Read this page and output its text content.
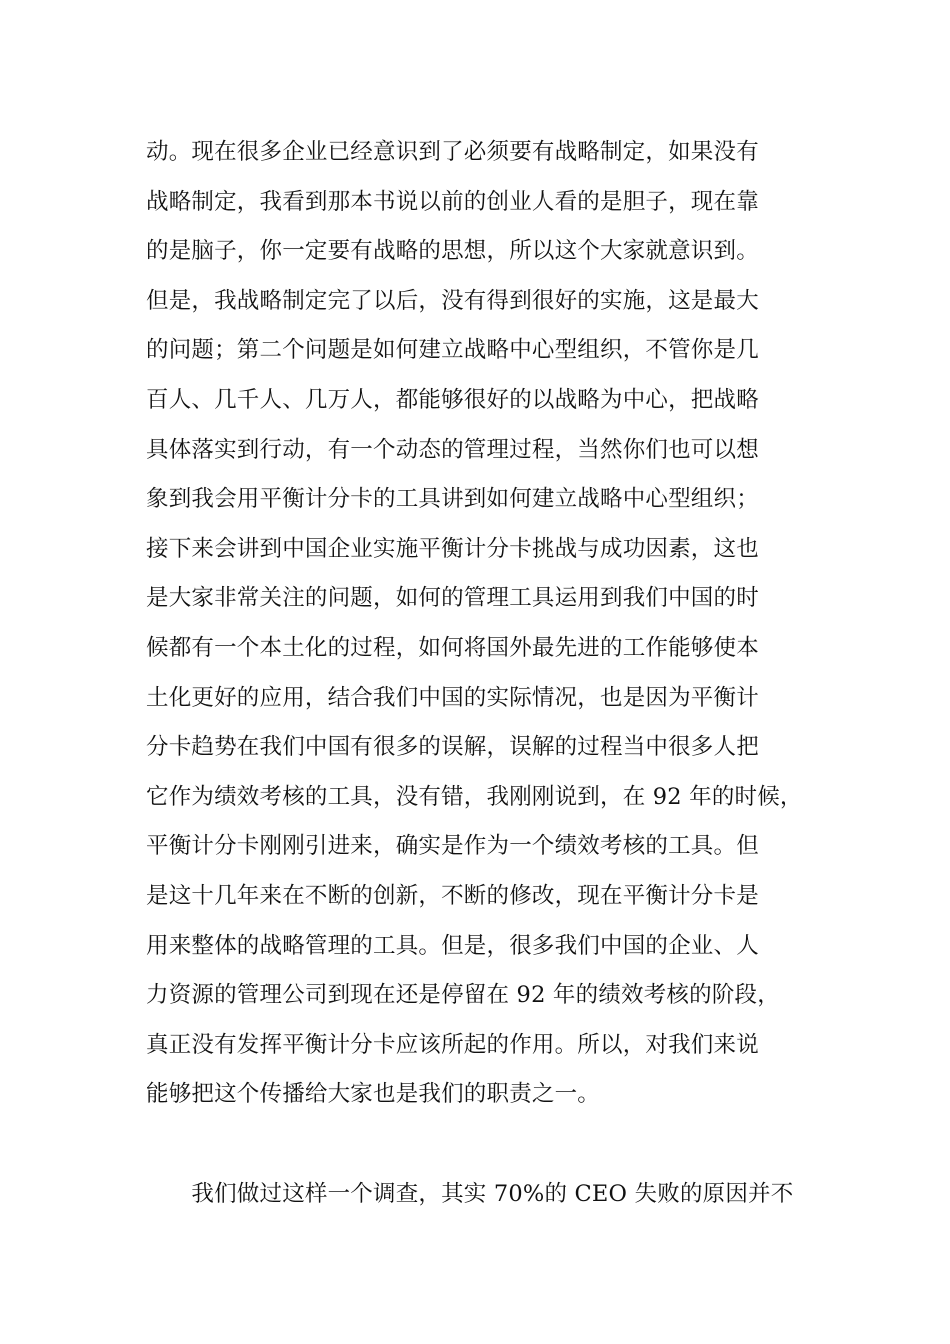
动。现在很多企业已经意识到了必须要有战略制定，如果没有
战略制定，我看到那本书说以前的创业人看的是胆子，现在靠
的是脑子，你一定要有战略的思想，所以这个大家就意识到。
但是，我战略制定完了以后，没有得到很好的实施，这是最大
的问题；第二个问题是如何建立战略中心型组织，不管你是几
百人、几千人、几万人，都能够很好的以战略为中心，把战略
具体落实到行动，有一个动态的管理过程，当然你们也可以想
象到我会用平衡计分卡的工具讲到如何建立战略中心型组织；
接下来会讲到中国企业实施平衡计分卡挑战与成功因素，这也
是大家非常关注的问题，如何的管理工具运用到我们中国的时
候都有一个本土化的过程，如何将国外最先进的工作能够使本
土化更好的应用，结合我们中国的实际情况，也是因为平衡计
分卡趋势在我们中国有很多的误解，误解的过程当中很多人把
它作为绩效考核的工具，没有错，我刚刚说到，在 92 年的时候，
平衡计分卡刚刚引进来，确实是作为一个绩效考核的工具。但
是这十几年来在不断的创新，不断的修改，现在平衡计分卡是
用来整体的战略管理的工具。但是，很多我们中国的企业、人
力资源的管理公司到现在还是停留在 92 年的绩效考核的阶段，
真正没有发挥平衡计分卡应该所起的作用。所以，对我们来说
能够把这个传播给大家也是我们的职责之一。
　　我们做过这样一个调查，其实 70%的 CEO 失败的原因并不
